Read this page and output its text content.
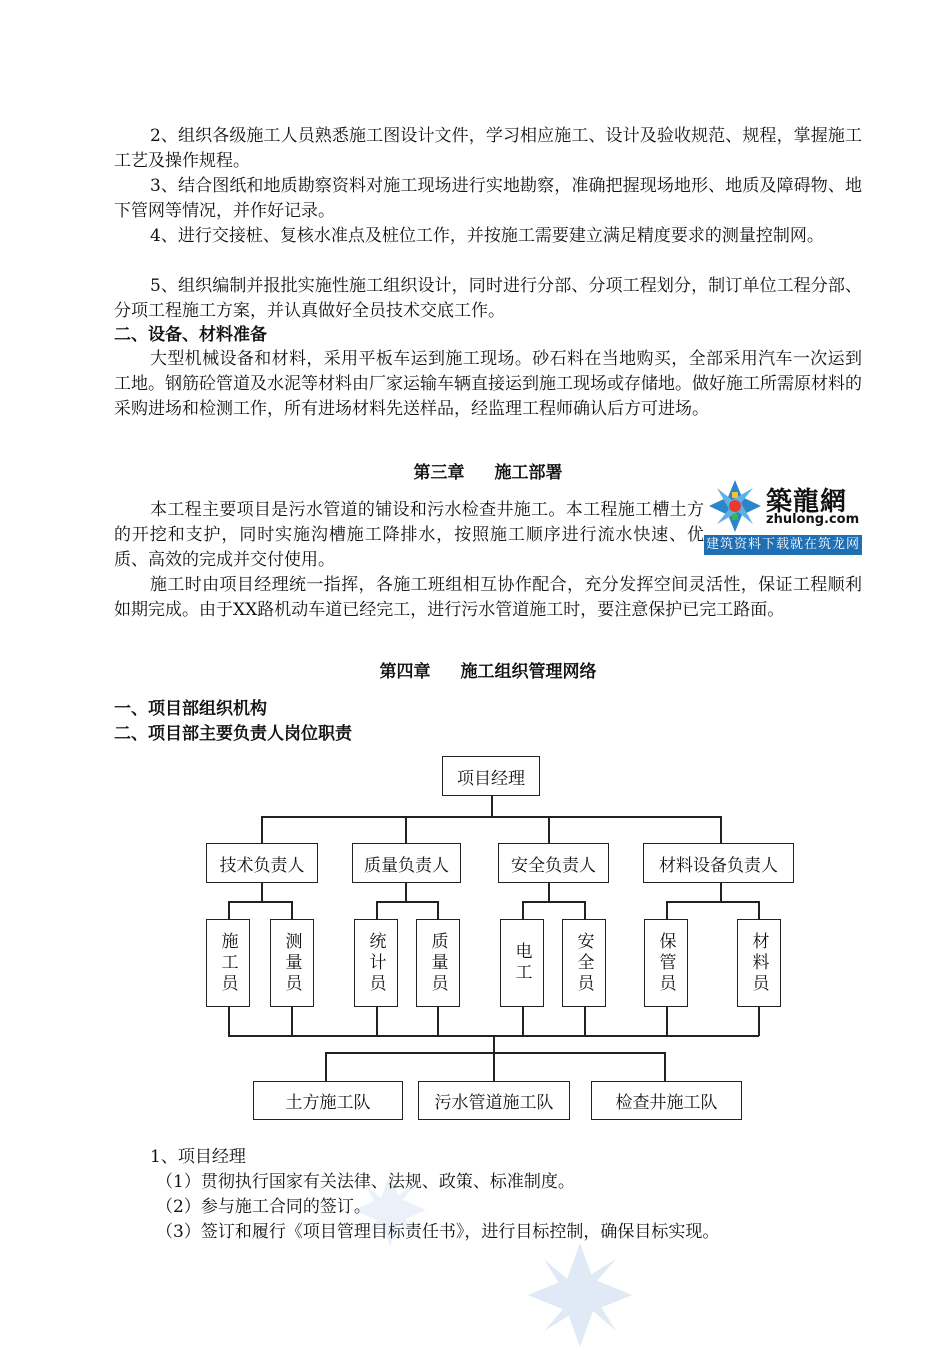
2、组织各级施工人员熟悉施工图设计文件，学习相应施工、设计及验收规范、规程，掌握施工工艺及操作规程。

3、结合图纸和地质勘察资料对施工现场进行实地勘察，准确把握现场地形、地质及障碍物、地下管网等情况，并作好记录。

4、进行交接桩、复核水准点及桩位工作，并按施工需要建立满足精度要求的测量控制网。

5、组织编制并报批实施性施工组织设计，同时进行分部、分项工程划分，制订单位工程分部、分项工程施工方案，并认真做好全员技术交底工作。

二、设备、材料准备

大型机械设备和材料，采用平板车运到施工现场。砂石料在当地购买，全部采用汽车一次运到工地。钢筋砼管道及水泥等材料由厂家运输车辆直接运到施工现场或存储地。做好施工所需原材料的采购进场和检测工作，所有进场材料先送样品，经监理工程师确认后方可进场。

第三章 施工部署

本工程主要项目是污水管道的铺设和污水检查井施工。本工程施工槽土方的开挖和支护，同时实施沟槽施工降排水，按照施工顺序进行流水快速、优质、高效的完成并交付使用。

施工时由项目经理统一指挥，各施工班组相互协作配合，充分发挥空间灵活性，保证工程顺利如期完成。由于XX路机动车道已经完工，进行污水管道施工时，要注意保护已完工路面。

築龍網
zhulong.com
建筑资料下载就在筑龙网
第四章 施工组织管理网络

一、项目部组织机构

二、项目部主要负责人岗位职责

项目经理
技术负责人	质量负责人	安全负责人	材料设备负责人
施工员	测量员	统计员	质量员	电工	安全员	保管员	材料员
土方施工队	污水管道施工队	检查井施工队

1、项目经理

（1）贯彻执行国家有关法律、法规、政策、标准制度。

（2）参与施工合同的签订。

（3）签订和履行《项目管理目标责任书》，进行目标控制，确保目标实现。
